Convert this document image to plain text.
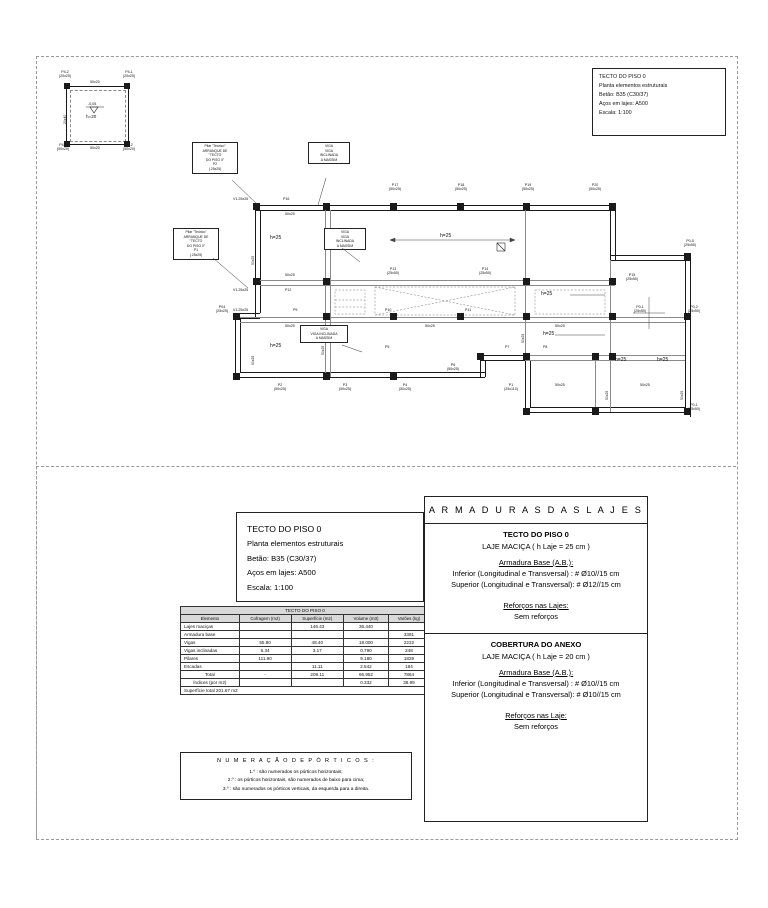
TECTO DO PISO 0
Planta elementos estruturais
Betão: B35 (C30/37)
Aços em lajes: A500
Escala: 1:100
h=20
-0,05
50x20
50x20
20x40
P4-2
(20x25)
P4-1
(20x25)
P4-3
(50x20)
P4-2
(50x20)
h=25	h=25
h=25
h=25
h=25
h=25	h=25
P17
(50x25)
P18
(50x25)
P19
(50x25)
P20
(50x25)
P13
(25x50)
P14
(25x50)
P10	P11
P2
(50x25)
P3
(50x25)
P4
(50x25)
P5
P6
(50x25)
P7	P8
P1
(25x110)
V1.25x25	P16
V1.25x25	P12
V1.25x25	P9
P04
(25x25)
P0-5
(25x50)
P15
(25x50)
P0-1
(25x50)
P0-2
(25x50)
P0-1
(25x50)
50x25
50x25
50x25	50x25	50x25
50x25
50x25
50x25
50x25
50x25
50x25
50x25	50x25
Pilar "Teórico"
ARRANQUE DE
"TECTO
DO PISO 0"
P2
(.25x25)
Pilar "Teórico"
ARRANQUE DE
"TECTO
DO PISO 0"
P1
(.25x25)
VIGA
VIGA
INCLINADA
A MASSIM
VIGA
VIGA
INCLINADA
A MASSIM
VIGA
VIGA INCLINADA
A MASSIM
TECTO DO PISO 0
Planta elementos estruturais
Betão: B35 (C30/37)
Aços em lajes: A500
Escala: 1:100
TECTO DO PISO 0				
Elemento	Cofragem (m2)	Superfície (m2)	Volume (m3)	Varões (kg)
Lajes maciças		146.43	36.440	
Armadura base				3381
Vigas	55.80	48.40	18.000	2222
Vigas inclinadas	6.34	3.17	0.790	248
Pilares	111.90		9.180	1829
Escadas		11.11	2.542	184
Total	-	209.11	66.952	7864
Índices (por m2)			0.332	38.99
Superfície total 201.67 m2				
N U M E R A Ç Ã O D E P Ó R T I C O S :
1.º : são numerados os pórticos horizontais;
2.º : os pórticos horizontais, são numerados de baixo para cima;
3.º : são numerados os pórticos verticais, da esquerda para a direita.
A R M A D U R A S D A S L A J E S
TECTO DO PISO 0
LAJE MACIÇA ( h Laje = 25 cm )
Armadura Base (A.B.):
Inferior (Longitudinal e Transversal) : # Ø10//15 cm
Superior (Longitudinal e Transversal): # Ø12//15 cm
Reforços nas Lajes:
Sem reforços
COBERTURA DO ANEXO
LAJE MACIÇA ( h Laje = 20 cm )
Armadura Base (A.B.):
Inferior (Longitudinal e Transversal) : # Ø10//15 cm
Superior (Longitudinal e Transversal): # Ø10//15 cm
Reforços nas Laje:
Sem reforços
